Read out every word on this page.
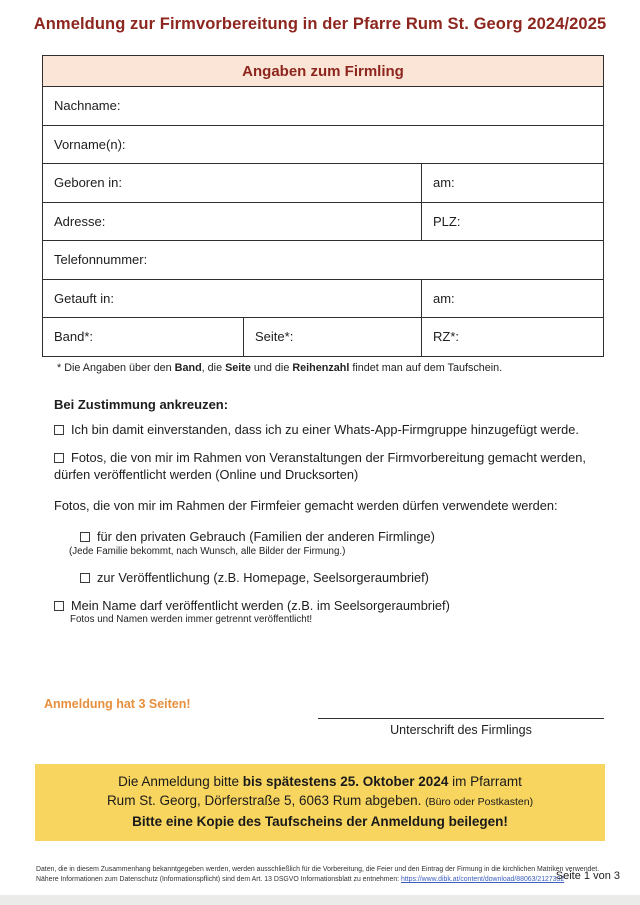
Anmeldung zur Firmvorbereitung in der Pfarre Rum St. Georg 2024/2025
Angaben zum Firmling
Nachname:
Vorname(n):
Geboren in:	am:
Adresse:	PLZ:
Telefonnummer:
Getauft in:	am:
Band*:	Seite*:	RZ*:
* Die Angaben über den Band, die Seite und die Reihenzahl findet man auf dem Taufschein.
Bei Zustimmung ankreuzen:
Ich bin damit einverstanden, dass ich zu einer Whats-App-Firmgruppe hinzugefügt werde.
Fotos, die von mir im Rahmen von Veranstaltungen der Firmvorbereitung gemacht werden, dürfen veröffentlicht werden (Online und Drucksorten)
Fotos, die von mir im Rahmen der Firmfeier gemacht werden dürfen verwendete werden:
für den privaten Gebrauch (Familien der anderen Firmlinge)
(Jede Familie bekommt, nach Wunsch, alle Bilder der Firmung.)
zur Veröffentlichung (z.B. Homepage, Seelsorgeraumbrief)
Mein Name darf veröffentlicht werden (z.B. im Seelsorgeraumbrief)
Fotos und Namen werden immer getrennt veröffentlicht!
Anmeldung hat 3 Seiten!
Unterschrift des Firmlings
Die Anmeldung bitte bis spätestens 25. Oktober 2024 im Pfarramt
Rum St. Georg, Dörferstraße 5, 6063 Rum abgeben. (Büro oder Postkasten)
Bitte eine Kopie des Taufscheins der Anmeldung beilegen!
Daten, die in diesem Zusammenhang bekanntgegeben werden, werden ausschließlich für die Vorbereitung, die Feier und den Eintrag der Firmung in die kirchlichen Matriken verwendet.
Nähere Informationen zum Datenschutz (Informationspflicht) sind dem Art. 13 DSGVO Informationsblatt zu entnehmen: https://www.dibk.at/content/download/88063/2127332
Seite 1 von 3
